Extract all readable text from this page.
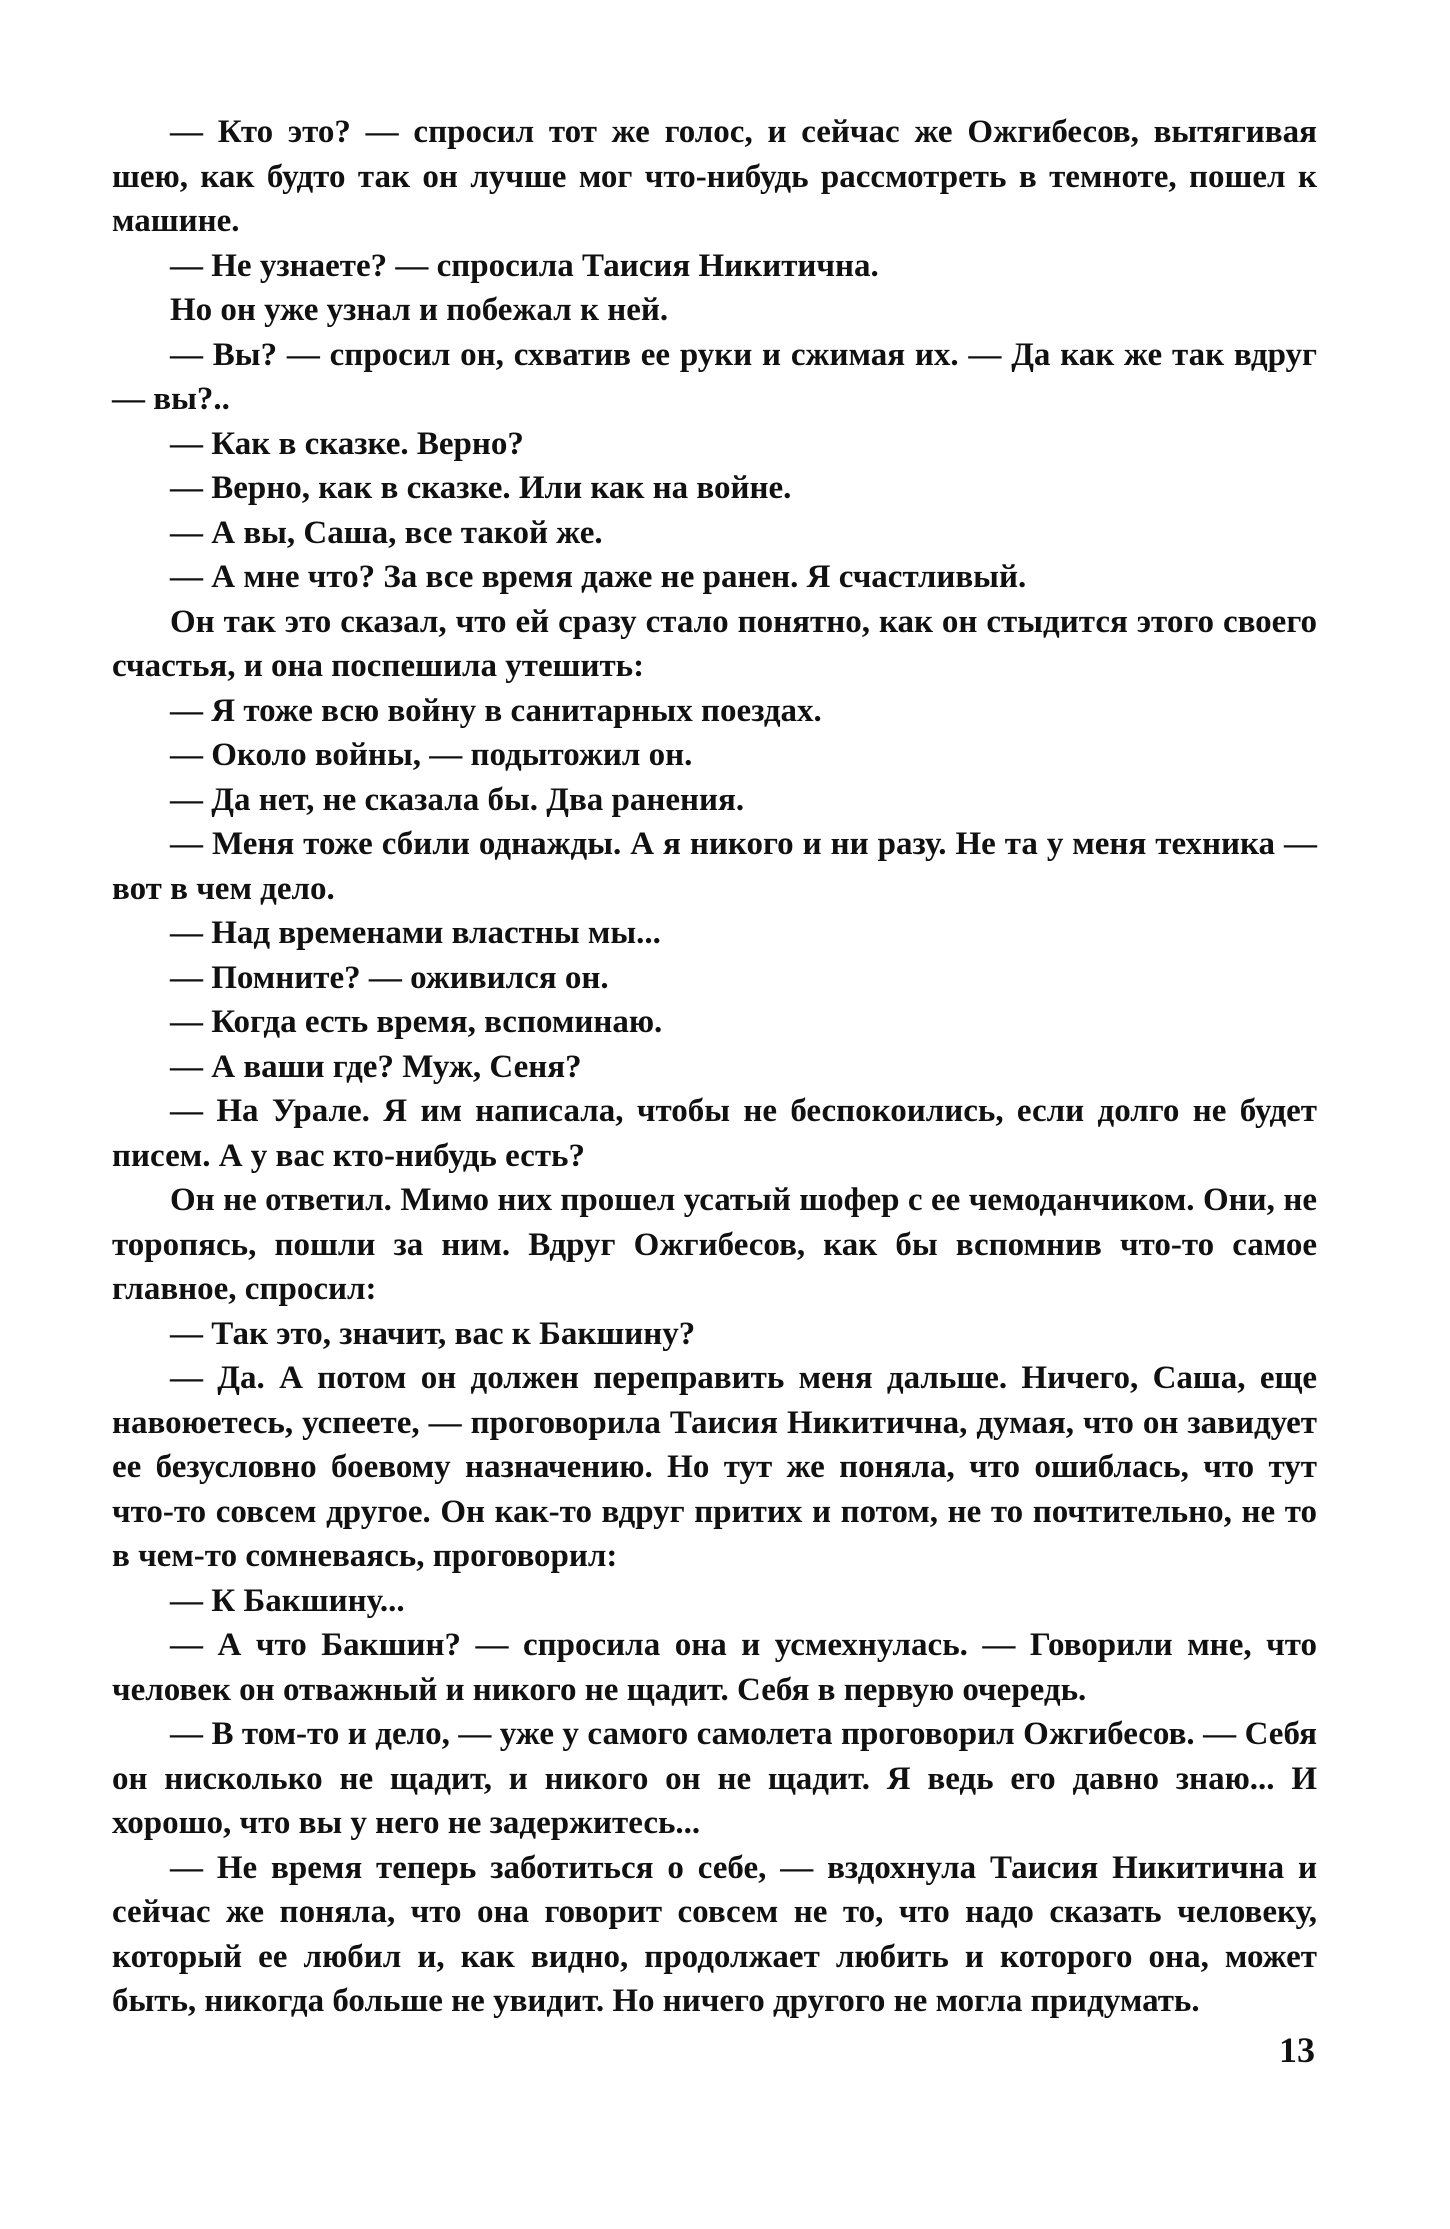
— Кто это? — спросил тот же голос, и сейчас же Ожгибесов, вытягивая шею, как будто так он лучше мог что-нибудь рассмотреть в темноте, пошел к машине.

— Не узнаете? — спросила Таисия Никитична.

Но он уже узнал и побежал к ней.

— Вы? — спросил он, схватив ее руки и сжимая их. — Да как же так вдруг — вы?..

— Как в сказке. Верно?

— Верно, как в сказке. Или как на войне.

— А вы, Саша, все такой же.

— А мне что? За все время даже не ранен. Я счастливый.

Он так это сказал, что ей сразу стало понятно, как он стыдится этого своего счастья, и она поспешила утешить:

— Я тоже всю войну в санитарных поездах.

— Около войны, — подытожил он.

— Да нет, не сказала бы. Два ранения.

— Меня тоже сбили однажды. А я никого и ни разу. Не та у меня техника — вот в чем дело.

— Над временами властны мы...

— Помните? — оживился он.

— Когда есть время, вспоминаю.

— А ваши где? Муж, Сеня?

— На Урале. Я им написала, чтобы не беспокоились, если долго не будет писем. А у вас кто-нибудь есть?

Он не ответил. Мимо них прошел усатый шофер с ее чемоданчиком. Они, не торопясь, пошли за ним. Вдруг Ожгибесов, как бы вспомнив что-то самое главное, спросил:

— Так это, значит, вас к Бакшину?

— Да. А потом он должен переправить меня дальше. Ничего, Саша, еще навоюетесь, успеете, — проговорила Таисия Никитична, думая, что он завидует ее безусловно боевому назначению. Но тут же поняла, что ошиблась, что тут что-то совсем другое. Он как-то вдруг притих и потом, не то почтительно, не то в чем-то сомневаясь, проговорил:

— К Бакшину...

— А что Бакшин? — спросила она и усмехнулась. — Говорили мне, что человек он отважный и никого не щадит. Себя в первую очередь.

— В том-то и дело, — уже у самого самолета проговорил Ожгибесов. — Себя он нисколько не щадит, и никого он не щадит. Я ведь его давно знаю... И хорошо, что вы у него не задержитесь...

— Не время теперь заботиться о себе, — вздохнула Таисия Никитична и сейчас же поняла, что она говорит совсем не то, что надо сказать человеку, который ее любил и, как видно, продолжает любить и которого она, может быть, никогда больше не увидит. Но ничего другого не могла придумать.

13
